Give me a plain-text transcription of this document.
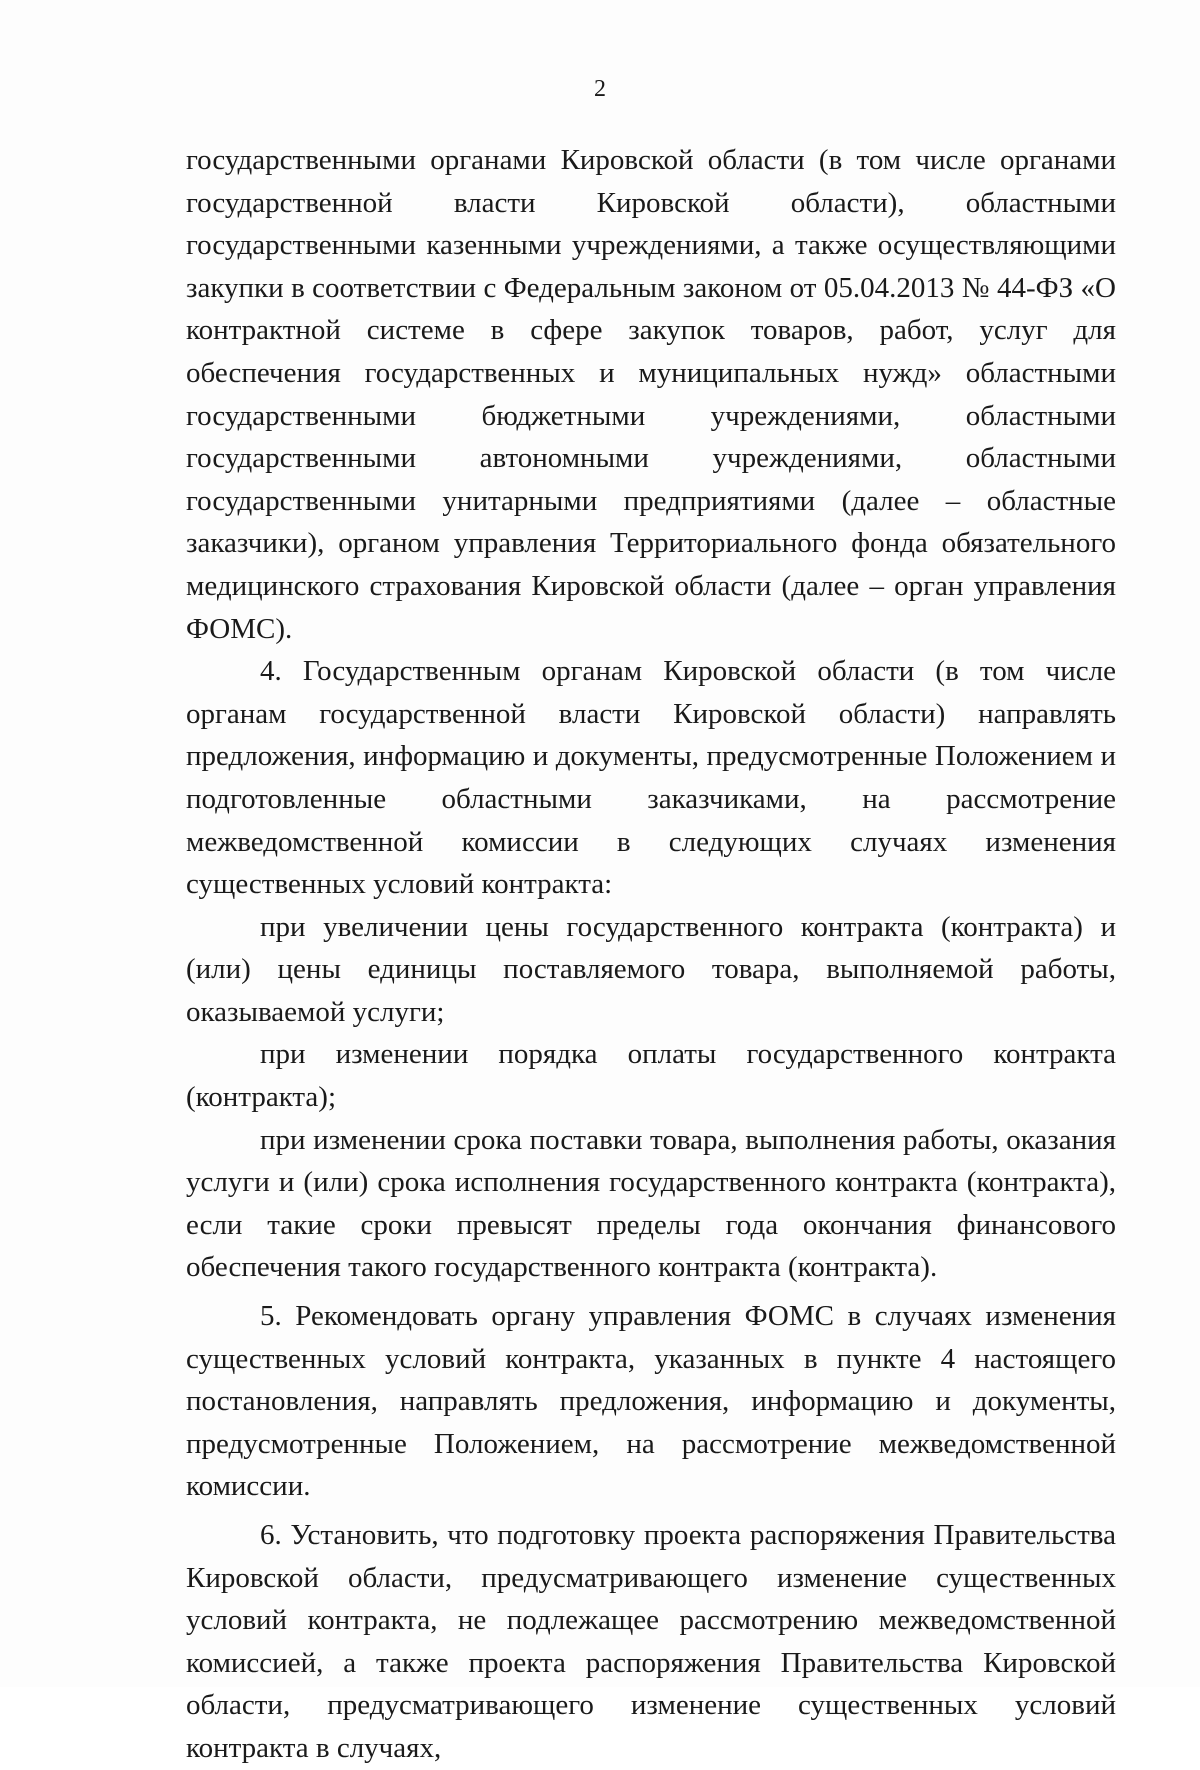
2

государственными органами Кировской области (в том числе органами государственной власти Кировской области), областными государственными казенными учреждениями, а также осуществляющими закупки в соответствии с Федеральным законом от 05.04.2013 № 44-ФЗ «О контрактной системе в сфере закупок товаров, работ, услуг для обеспечения государственных и муниципальных нужд» областными государственными бюджетными учреждениями, областными государственными автономными учреждениями, областными государственными унитарными предприятиями (далее – областные заказчики), органом управления Территориального фонда обязательного медицинского страхования Кировской области (далее – орган управления ФОМС).

4. Государственным органам Кировской области (в том числе органам государственной власти Кировской области) направлять предложения, информацию и документы, предусмотренные Положением и подготовленные областными заказчиками, на рассмотрение межведомственной комиссии в следующих случаях изменения существенных условий контракта:

при увеличении цены государственного контракта (контракта) и (или) цены единицы поставляемого товара, выполняемой работы, оказываемой услуги;

при изменении порядка оплаты государственного контракта (контракта);

при изменении срока поставки товара, выполнения работы, оказания услуги и (или) срока исполнения государственного контракта (контракта), если такие сроки превысят пределы года окончания финансового обеспечения такого государственного контракта (контракта).

5. Рекомендовать органу управления ФОМС в случаях изменения существенных условий контракта, указанных в пункте 4 настоящего постановления, направлять предложения, информацию и документы, предусмотренные Положением, на рассмотрение межведомственной комиссии.

6. Установить, что подготовку проекта распоряжения Правительства Кировской области, предусматривающего изменение существенных условий контракта, не подлежащее рассмотрению межведомственной комиссией, а также проекта распоряжения Правительства Кировской области, предусматривающего изменение существенных условий контракта в случаях,
